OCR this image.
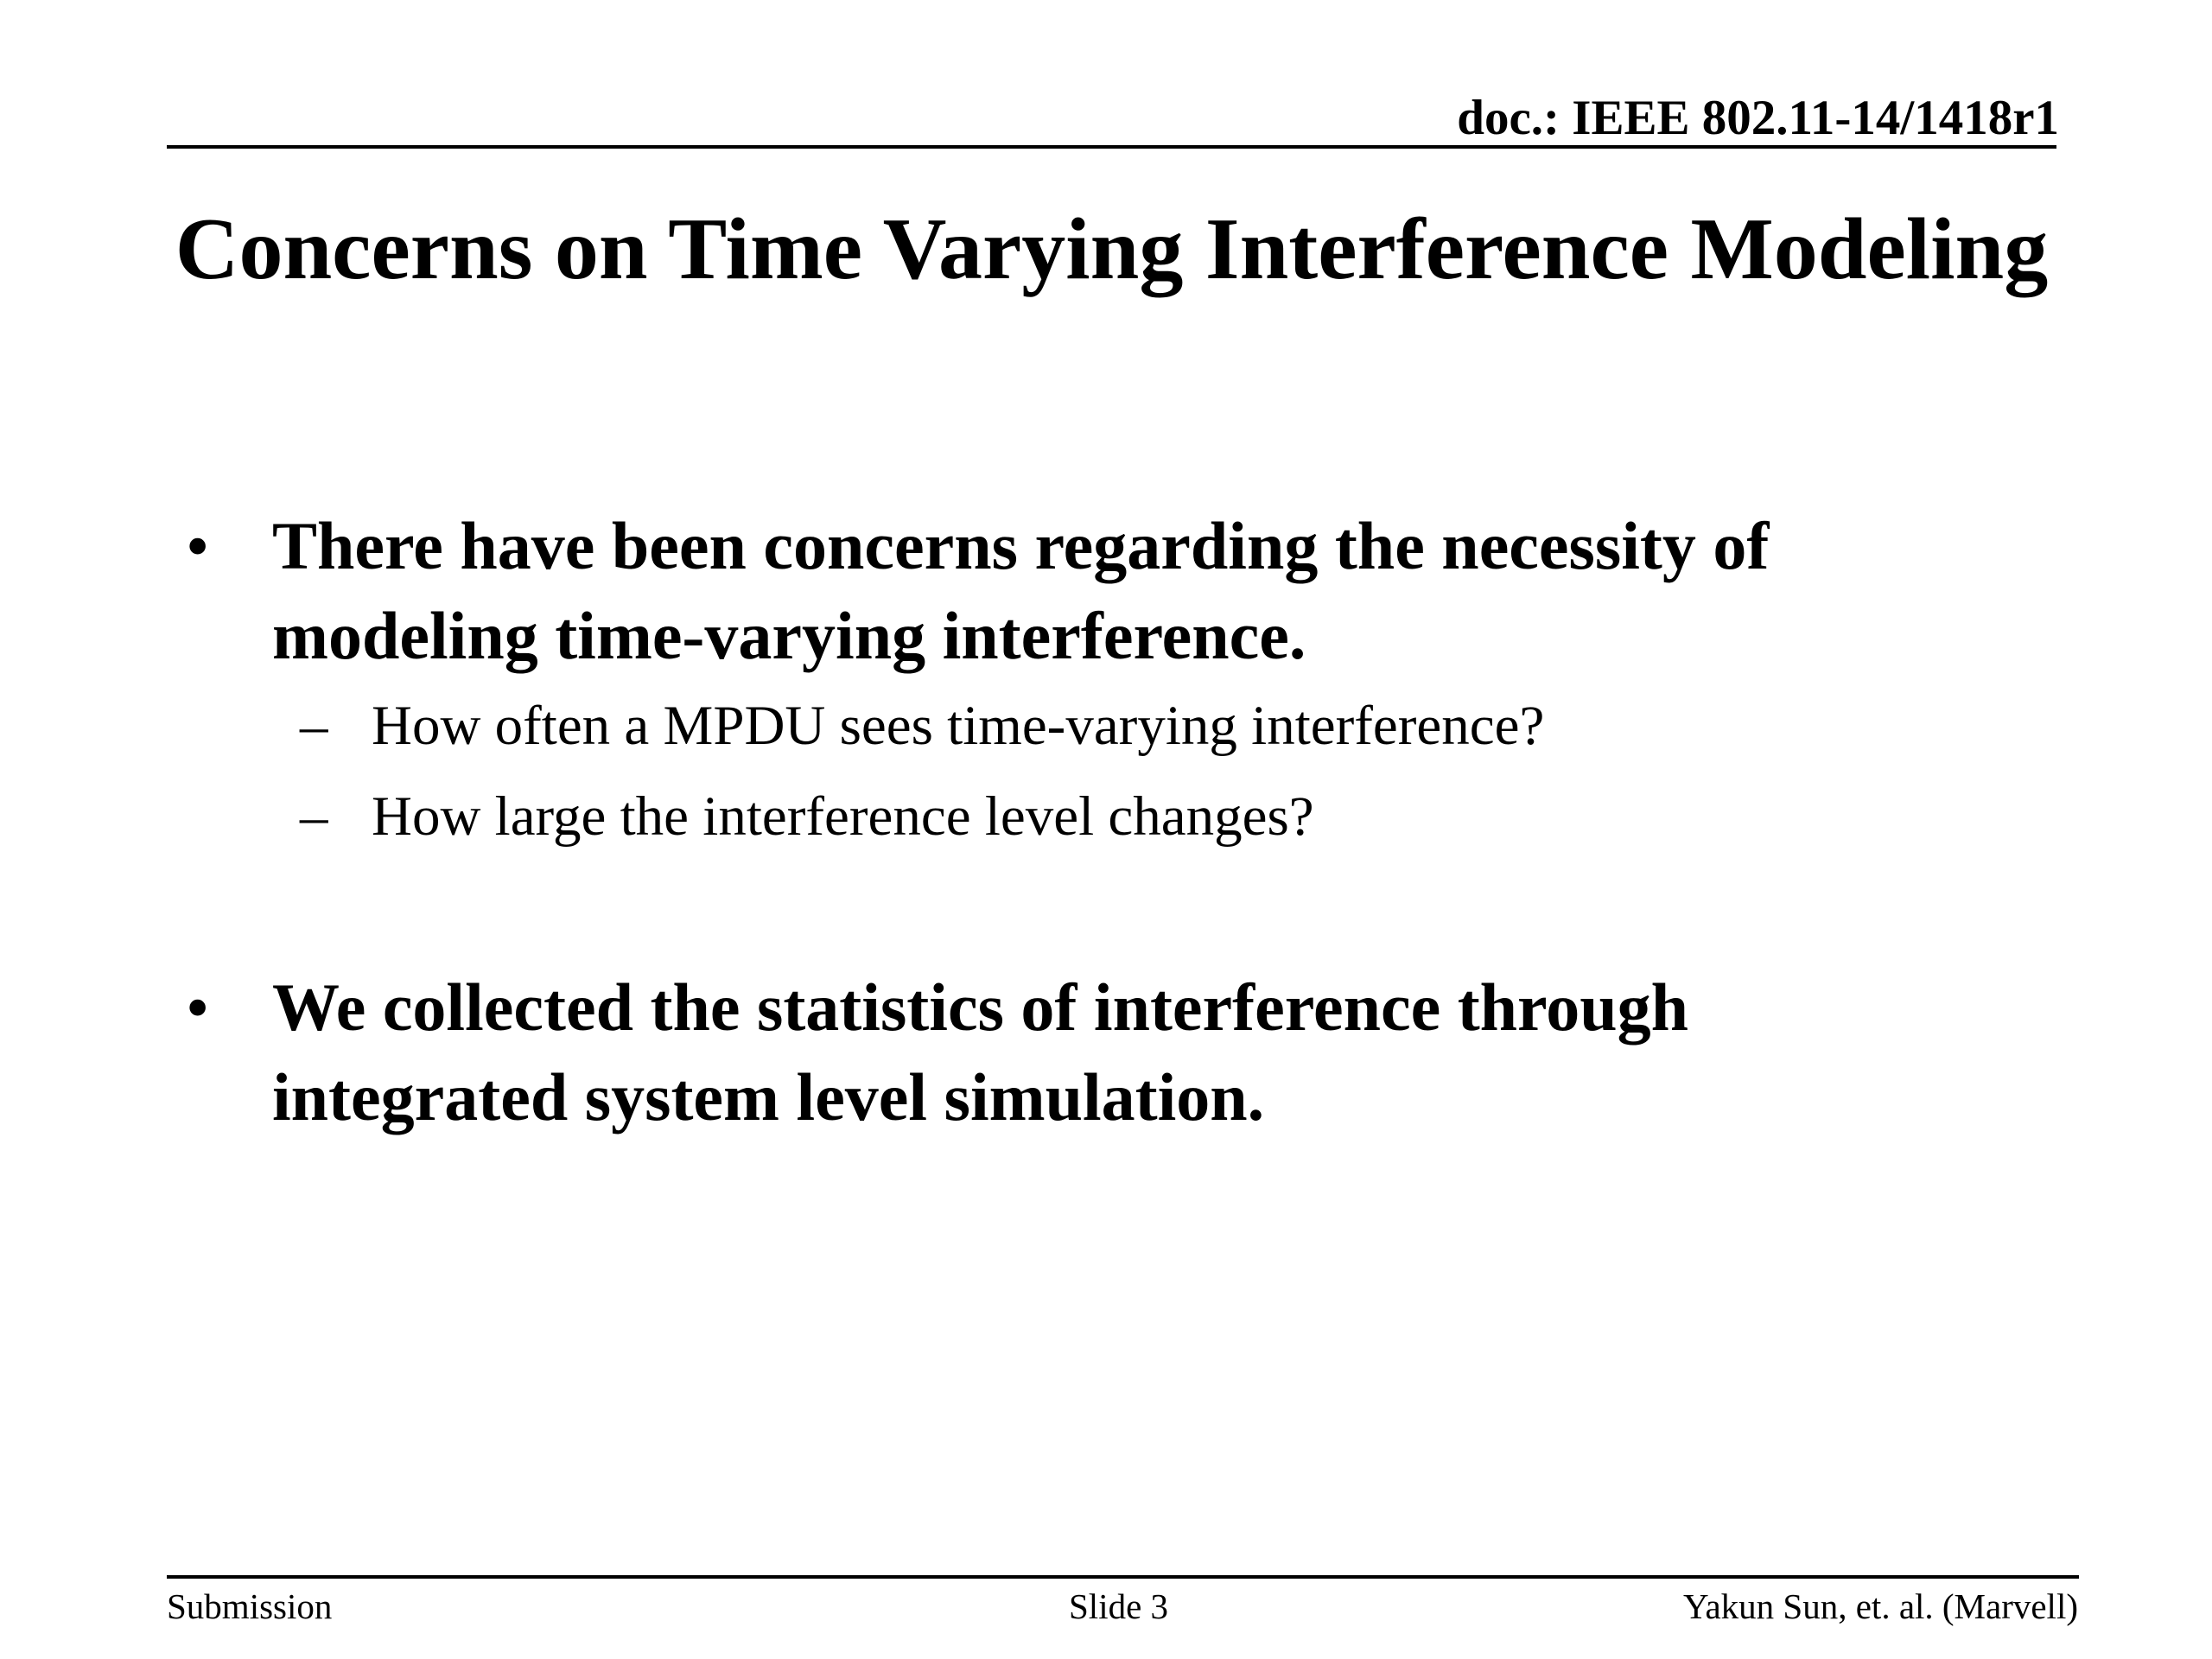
doc.: IEEE 802.11-14/1418r1
Concerns on Time Varying Interference Modeling
• There have been concerns regarding the necessity of modeling time-varying interference.
– How often a MPDU sees time-varying interference?
– How large the interference level changes?
• We collected the statistics of interference through integrated system level simulation.
Submission	Slide 3	Yakun Sun, et. al. (Marvell)
